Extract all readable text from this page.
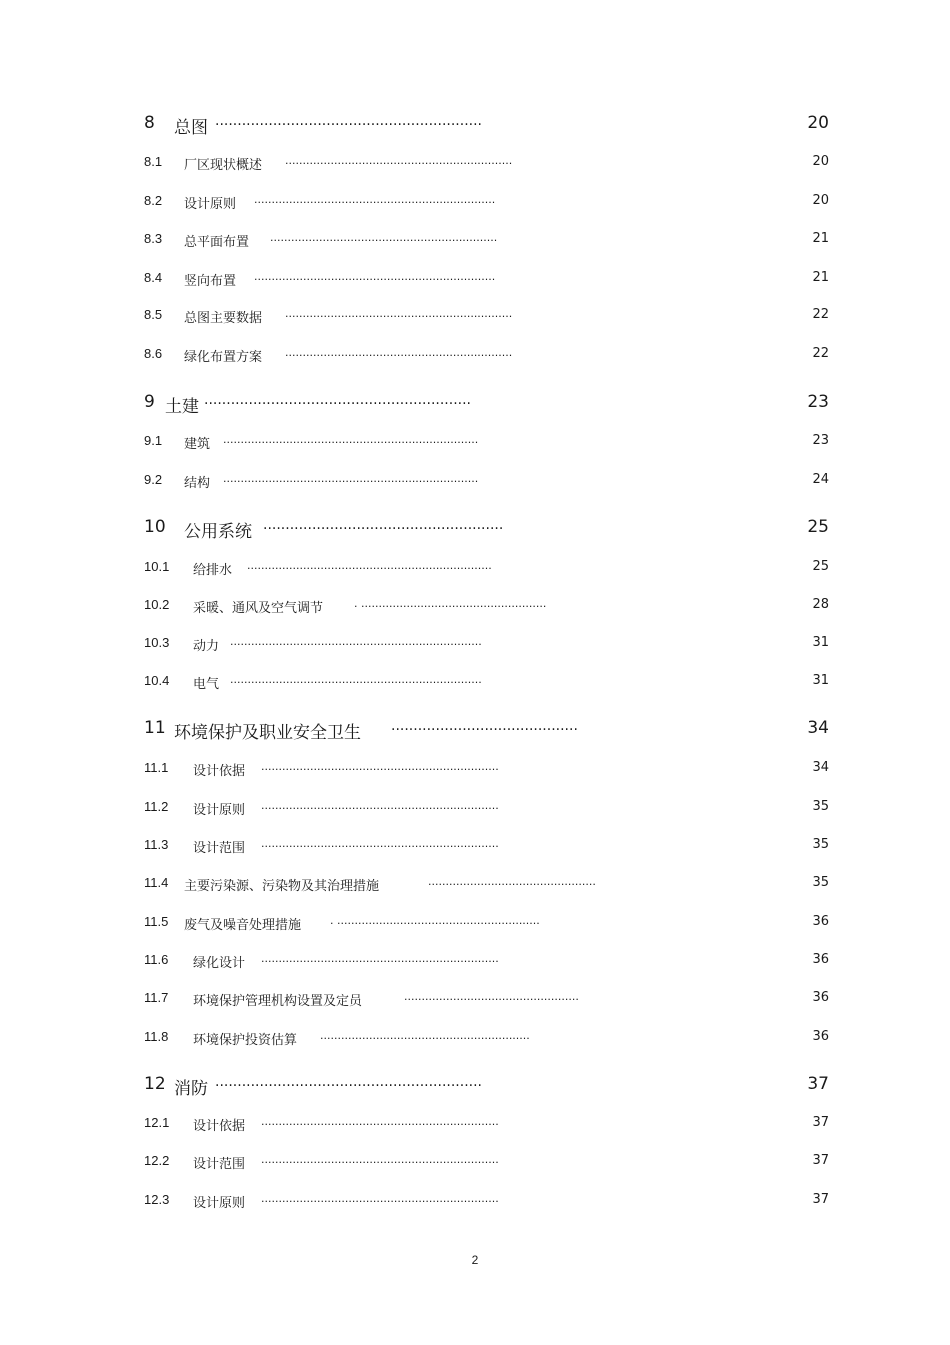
8 总图 ............................................................	20
8.1 厂区现状概述 .................................................................	20
8.2 设计原则 .....................................................................	20
8.3 总平面布置 .................................................................	21
8.4 竖向布置 .....................................................................	21
8.5 总图主要数据 .................................................................	22
8.6 绿化布置方案 .................................................................	22
9 土建 ............................................................	23
9.1 建筑 .........................................................................	23
9.2 结构 .........................................................................	24
10 公用系统 ......................................................	25
10.1 给排水 ......................................................................	25
10.2 采暖、通风及空气调节	. .....................................................	28
10.3 动力 ........................................................................	31
10.4 电气 ........................................................................	31
11 环境保护及职业安全卫生 ..........................................	34
11.1 设计依据 ....................................................................	34
11.2 设计原则 ....................................................................	35
11.3 设计范围 ....................................................................	35
11.4 主要污染源、污染物及其治理措施	................................................	35
11.5 废气及噪音处理措施	. ..........................................................	36
11.6 绿化设计 ....................................................................	36
11.7 环境保护管理机构设置及定员	..................................................	36
11.8 环境保护投资估算 ............................................................	36
12 消防 ............................................................	37
12.1 设计依据 ....................................................................	37
12.2 设计范围 ....................................................................	37
12.3 设计原则 ....................................................................	37
2
